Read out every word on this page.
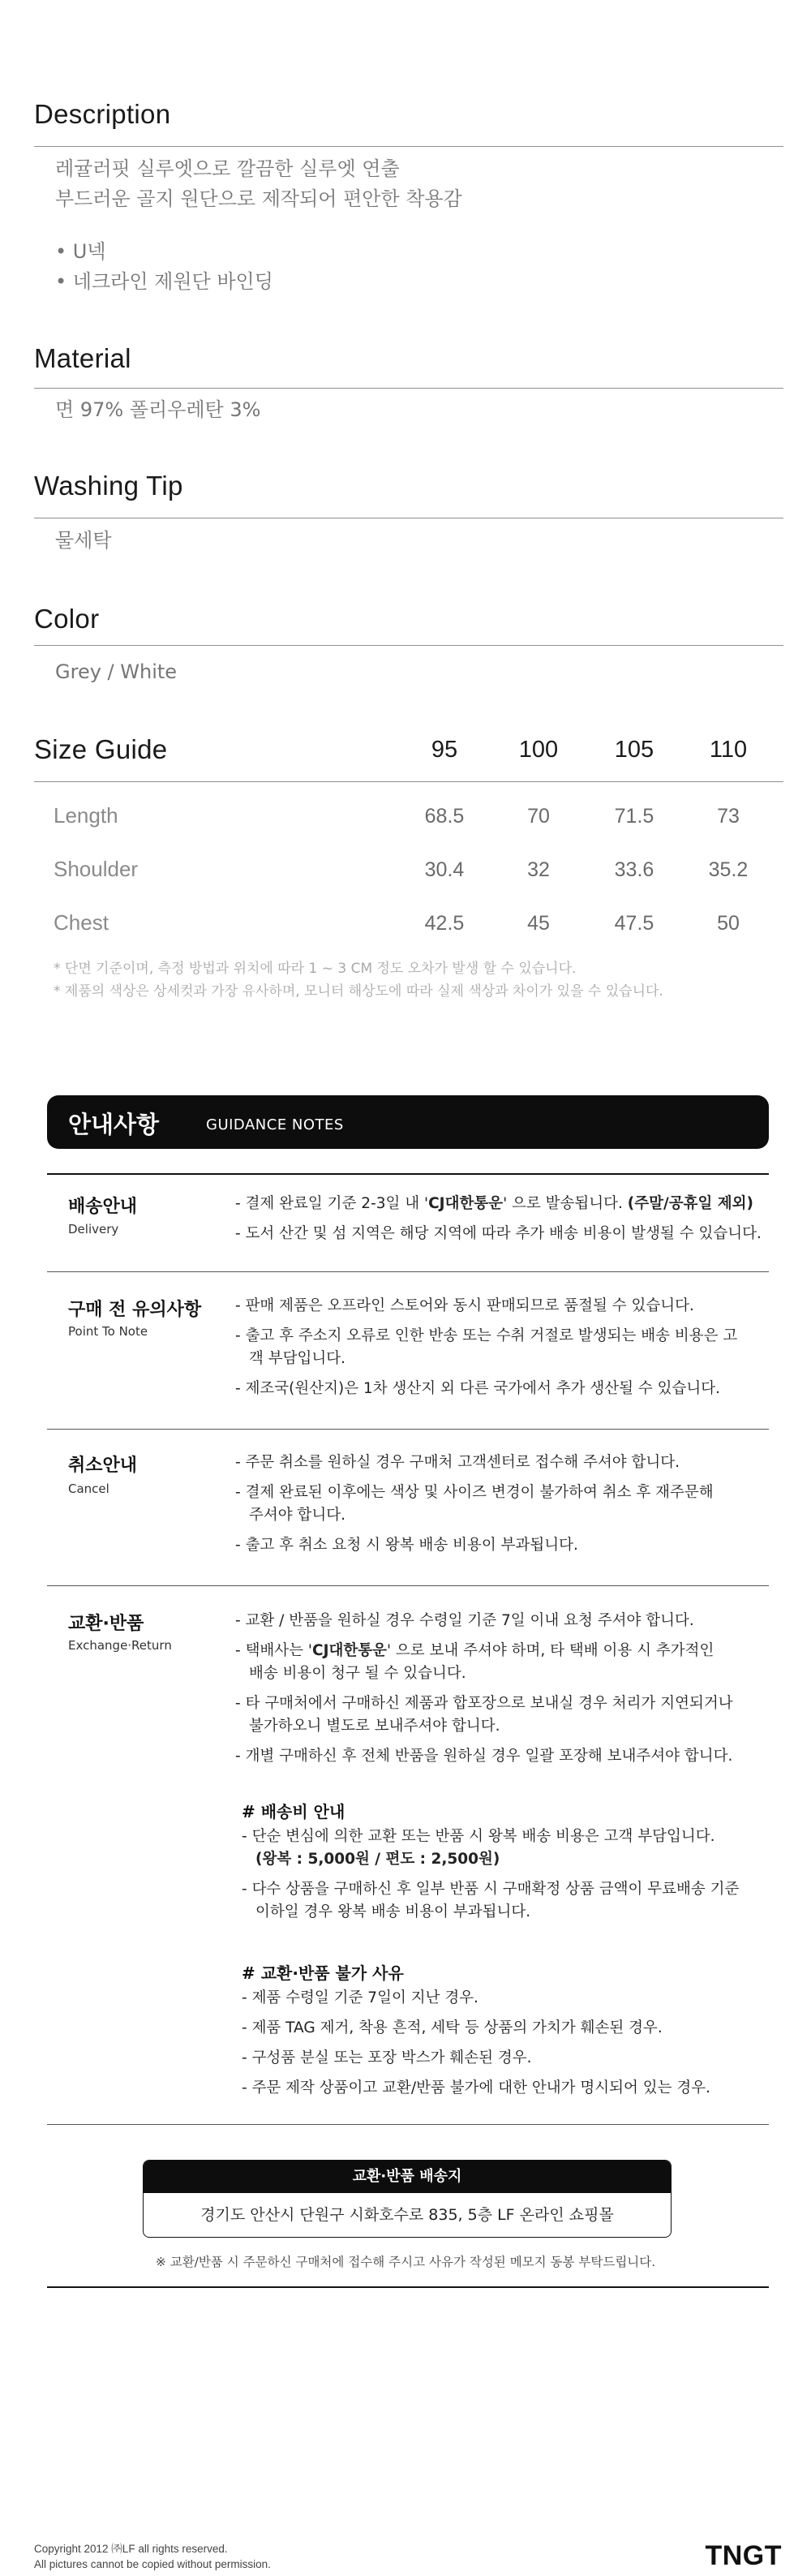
Description
레귤러핏 실루엣으로 깔끔한 실루엣 연출
부드러운 골지 원단으로 제작되어 편안한 착용감
• U넥
• 네크라인 제원단 바인딩
Material
면 97% 폴리우레탄 3%
Washing Tip
물세탁
Color
Grey / White
Size Guide	95	100	105	110
Length	68.5	70	71.5	73
Shoulder	30.4	32	33.6	35.2
Chest	42.5	45	47.5	50
* 단면 기준이며, 측정 방법과 위치에 따라 1 ~ 3 CM 정도 오차가 발생 할 수 있습니다.
* 제품의 색상은 상세컷과 가장 유사하며, 모니터 해상도에 따라 실제 색상과 차이가 있을 수 있습니다.
안내사항	GUIDANCE NOTES
배송안내
Delivery
- 결제 완료일 기준 2-3일 내 'CJ대한통운' 으로 발송됩니다. (주말/공휴일 제외)
- 도서 산간 및 섬 지역은 해당 지역에 따라 추가 배송 비용이 발생될 수 있습니다.
구매 전 유의사항
Point To Note
- 판매 제품은 오프라인 스토어와 동시 판매되므로 품절될 수 있습니다.
- 출고 후 주소지 오류로 인한 반송 또는 수취 거절로 발생되는 배송 비용은 고객 부담입니다.
- 제조국(원산지)은 1차 생산지 외 다른 국가에서 추가 생산될 수 있습니다.
취소안내
Cancel
- 주문 취소를 원하실 경우 구매처 고객센터로 접수해 주셔야 합니다.
- 결제 완료된 이후에는 색상 및 사이즈 변경이 불가하여 취소 후 재주문해 주셔야 합니다.
- 출고 후 취소 요청 시 왕복 배송 비용이 부과됩니다.
교환·반품
Exchange·Return
- 교환 / 반품을 원하실 경우 수령일 기준 7일 이내 요청 주셔야 합니다.
- 택배사는 'CJ대한통운' 으로 보내 주셔야 하며, 타 택배 이용 시 추가적인 배송 비용이 청구 될 수 있습니다.
- 타 구매처에서 구매하신 제품과 합포장으로 보내실 경우 처리가 지연되거나 불가하오니 별도로 보내주셔야 합니다.
- 개별 구매하신 후 전체 반품을 원하실 경우 일괄 포장해 보내주셔야 합니다.
# 배송비 안내
- 단순 변심에 의한 교환 또는 반품 시 왕복 배송 비용은 고객 부담입니다.
(왕복 : 5,000원 / 편도 : 2,500원)
- 다수 상품을 구매하신 후 일부 반품 시 구매확정 상품 금액이 무료배송 기준 이하일 경우 왕복 배송 비용이 부과됩니다.
# 교환·반품 불가 사유
- 제품 수령일 기준 7일이 지난 경우.
- 제품 TAG 제거, 착용 흔적, 세탁 등 상품의 가치가 훼손된 경우.
- 구성품 분실 또는 포장 박스가 훼손된 경우.
- 주문 제작 상품이고 교환/반품 불가에 대한 안내가 명시되어 있는 경우.
교환·반품 배송지
경기도 안산시 단원구 시화호수로 835, 5층 LF 온라인 쇼핑몰
※ 교환/반품 시 주문하신 구매처에 접수해 주시고 사유가 작성된 메모지 동봉 부탁드립니다.
Copyright 2012 ㈜LF all rights reserved.
All pictures cannot be copied without permission.	TNGT
